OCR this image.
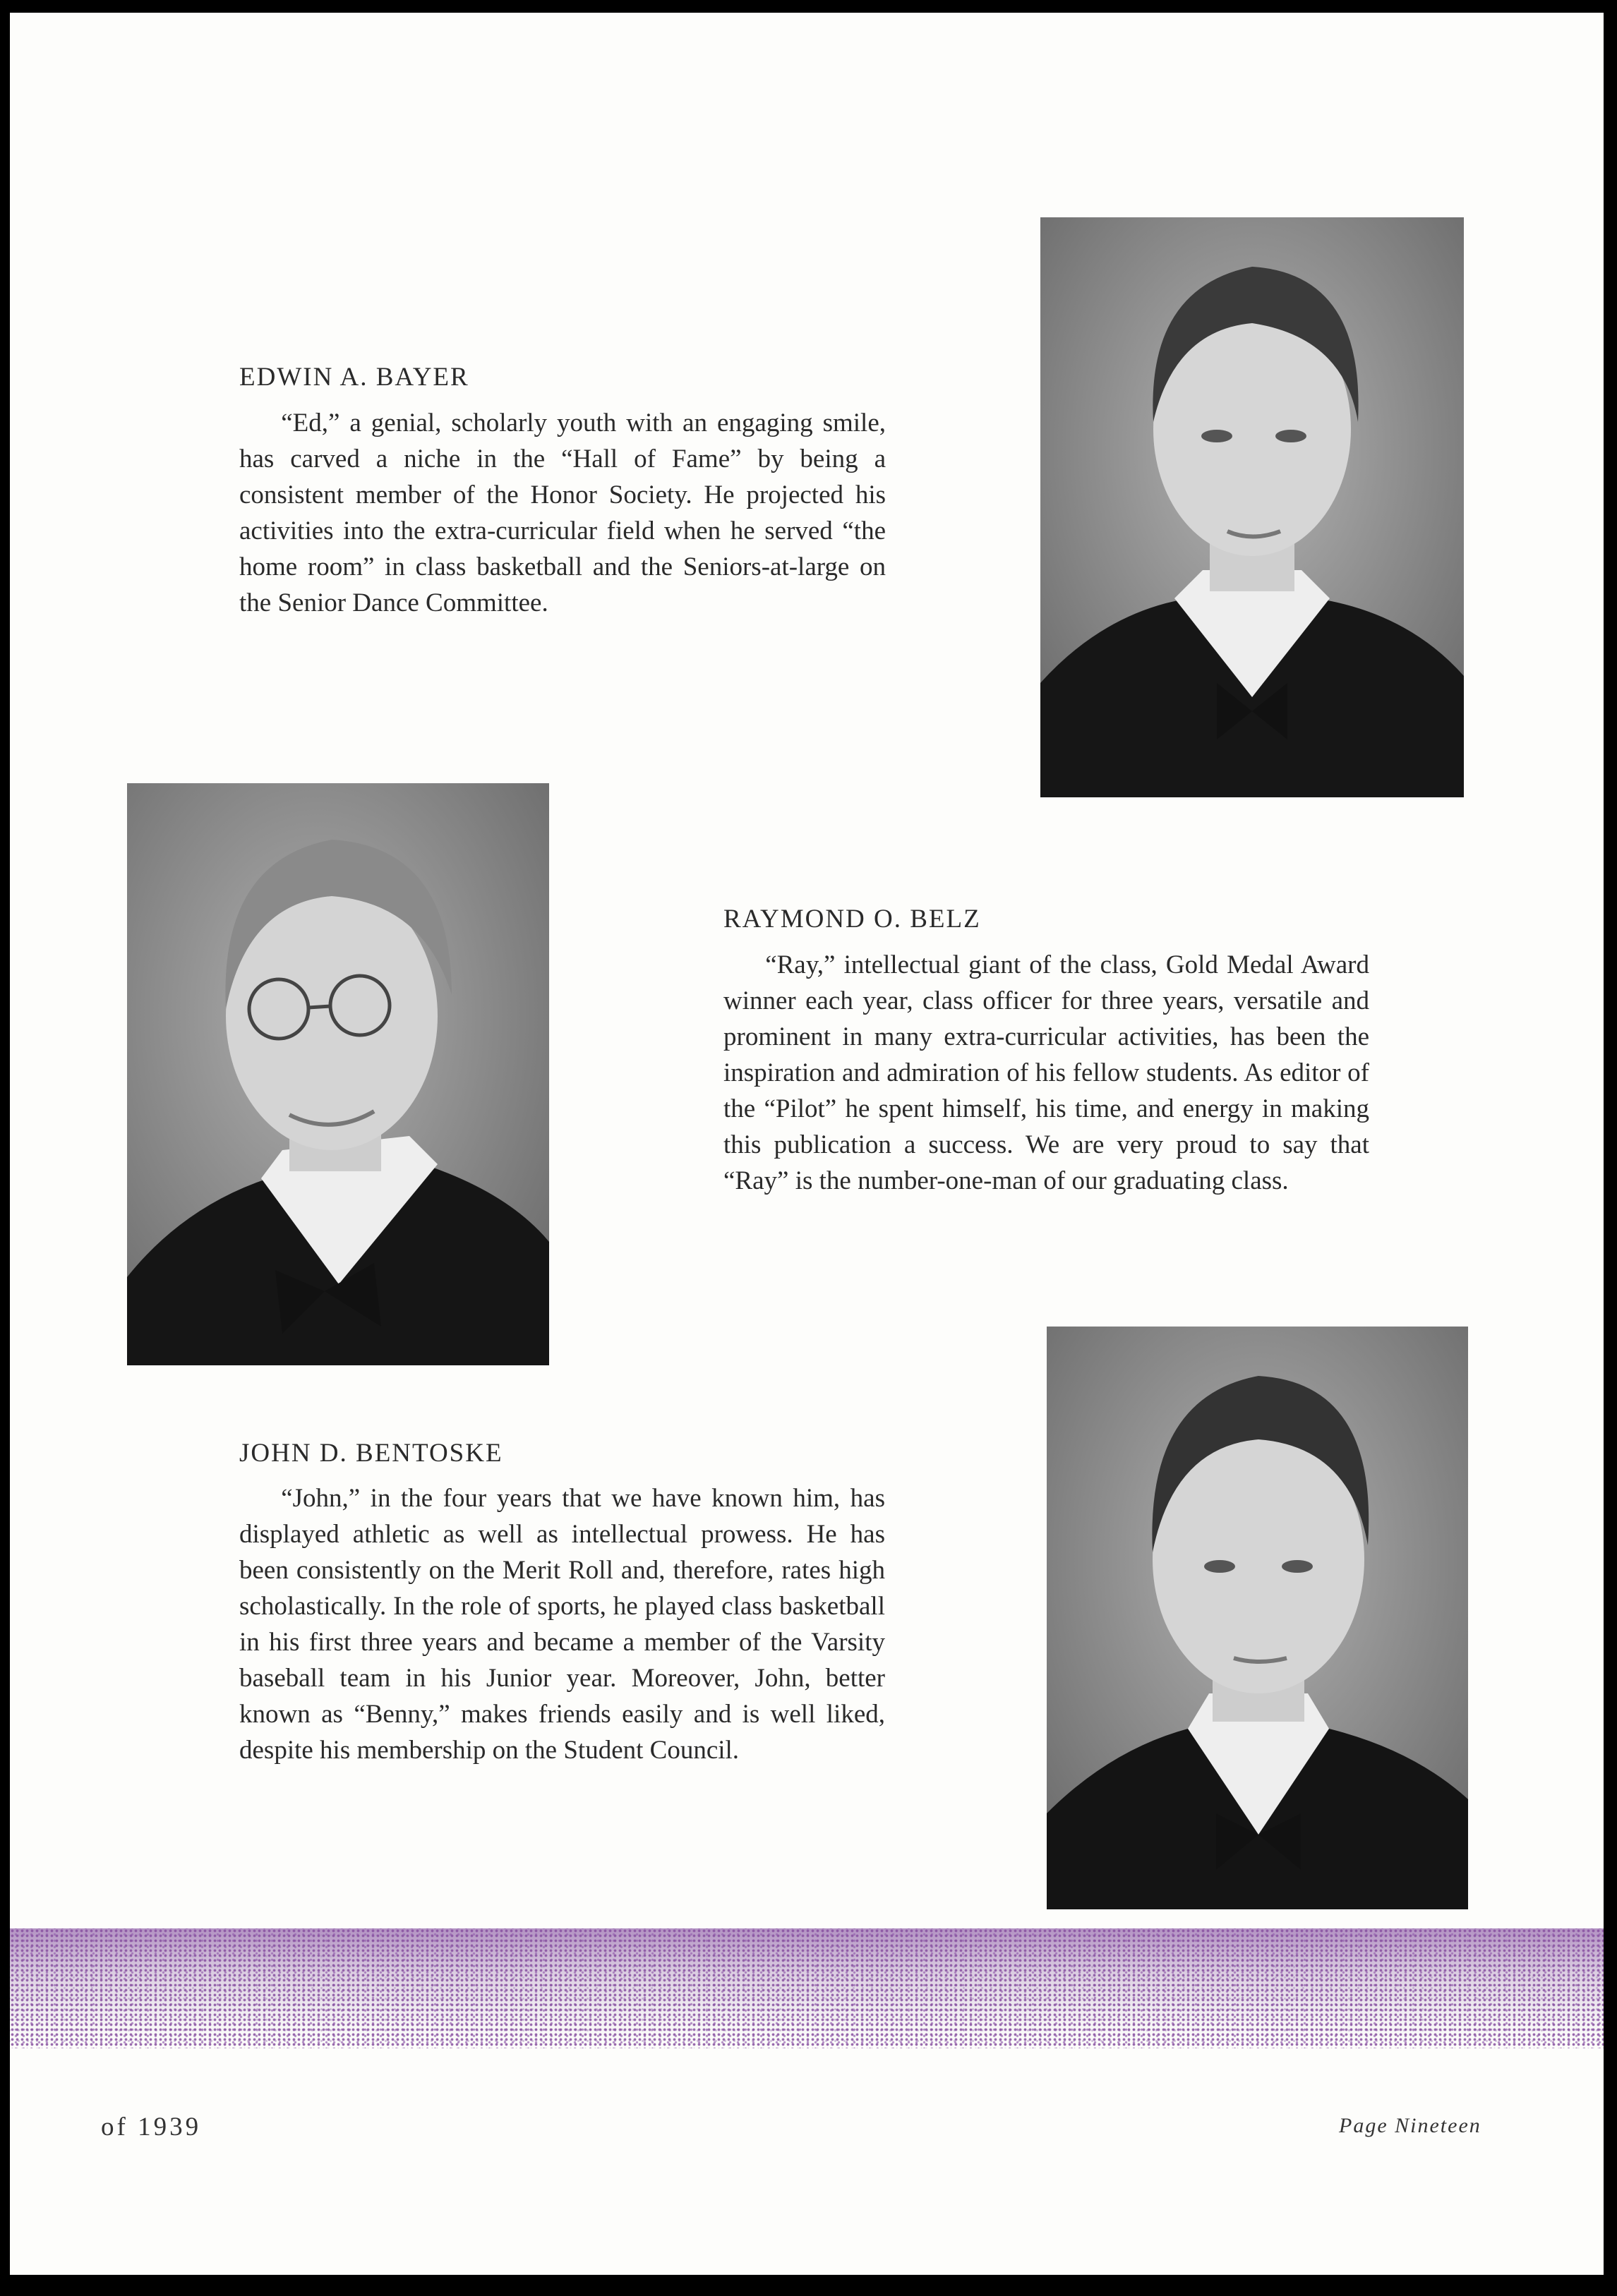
EDWIN A. BAYER
“Ed,” a genial, scholarly youth with an engaging smile, has carved a niche in the “Hall of Fame” by being a consistent member of the Honor Society. He projected his activities into the extra-curricular field when he served “the home room” in class basketball and the Seniors-at-large on the Senior Dance Committee.
RAYMOND O. BELZ
“Ray,” intellectual giant of the class, Gold Medal Award winner each year, class officer for three years, versatile and prominent in many extra-curricular activities, has been the inspiration and admiration of his fellow students. As editor of the “Pilot” he spent himself, his time, and energy in making this publication a success. We are very proud to say that “Ray” is the number-one-man of our graduating class.
JOHN D. BENTOSKE
“John,” in the four years that we have known him, has displayed athletic as well as intellectual prowess. He has been consistently on the Merit Roll and, therefore, rates high scholastically. In the role of sports, he played class basketball in his first three years and became a member of the Varsity baseball team in his Junior year. Moreover, John, better known as “Benny,” makes friends easily and is well liked, despite his membership on the Student Council.
of 1939	Page Nineteen
